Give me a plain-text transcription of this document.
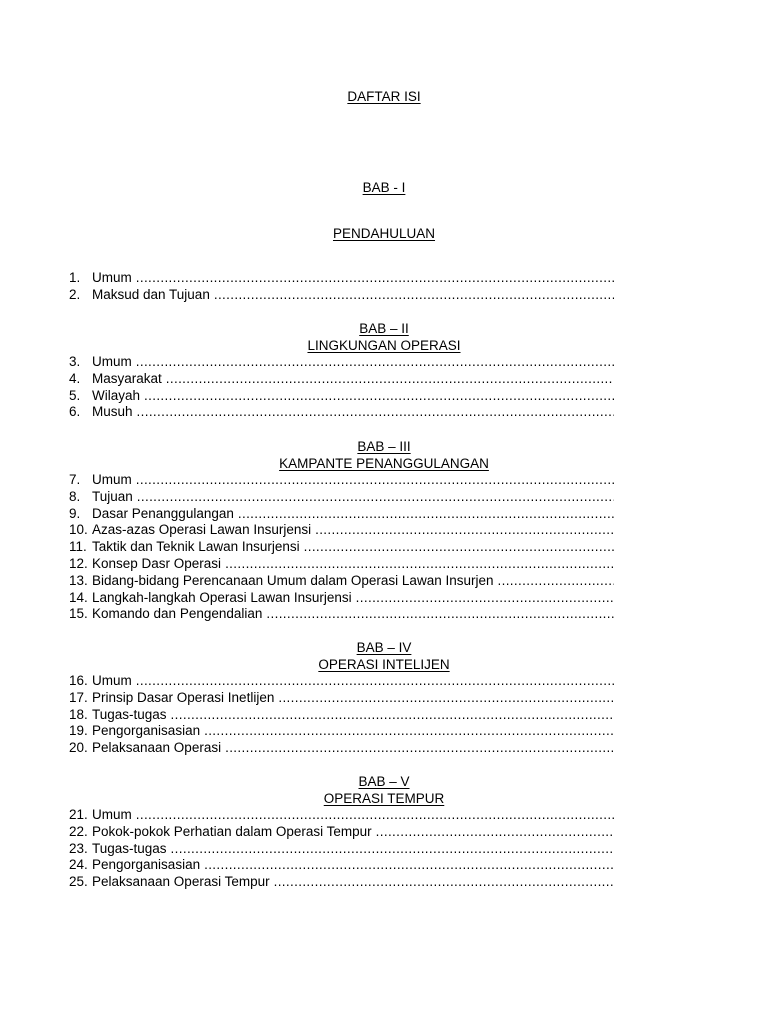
DAFTAR ISI
BAB - I
PENDAHULUAN
1. Umum
.....
2. Maksud dan Tujuan
.....
BAB – II
LINGKUNGAN OPERASI
3. Umum
.....
4. Masyarakat
.....
5. Wilayah
.....
6. Musuh
.....
BAB – III
KAMPANTE PENANGGULANGAN
7. Umum
.....
8. Tujuan
.....
9. Dasar Penanggulangan
.....
10. Azas-azas Operasi Lawan Insurjensi
.....
11. Taktik dan Teknik Lawan Insurjensi
.....
12. Konsep Dasr Operasi
.....
13. Bidang-bidang Perencanaan Umum dalam Operasi Lawan Insurjen
.....
14. Langkah-langkah Operasi Lawan Insurjensi
.....
15. Komando dan Pengendalian
.....
BAB – IV
OPERASI INTELIJEN
16. Umum
.....
17. Prinsip Dasar Operasi Inetlijen
.....
18. Tugas-tugas
.....
19. Pengorganisasian
.....
20. Pelaksanaan Operasi
.....
BAB – V
OPERASI TEMPUR
21. Umum
.....
22. Pokok-pokok Perhatian dalam Operasi Tempur
.....
23. Tugas-tugas
.....
24. Pengorganisasian
.....
25. Pelaksanaan Operasi Tempur
.....
